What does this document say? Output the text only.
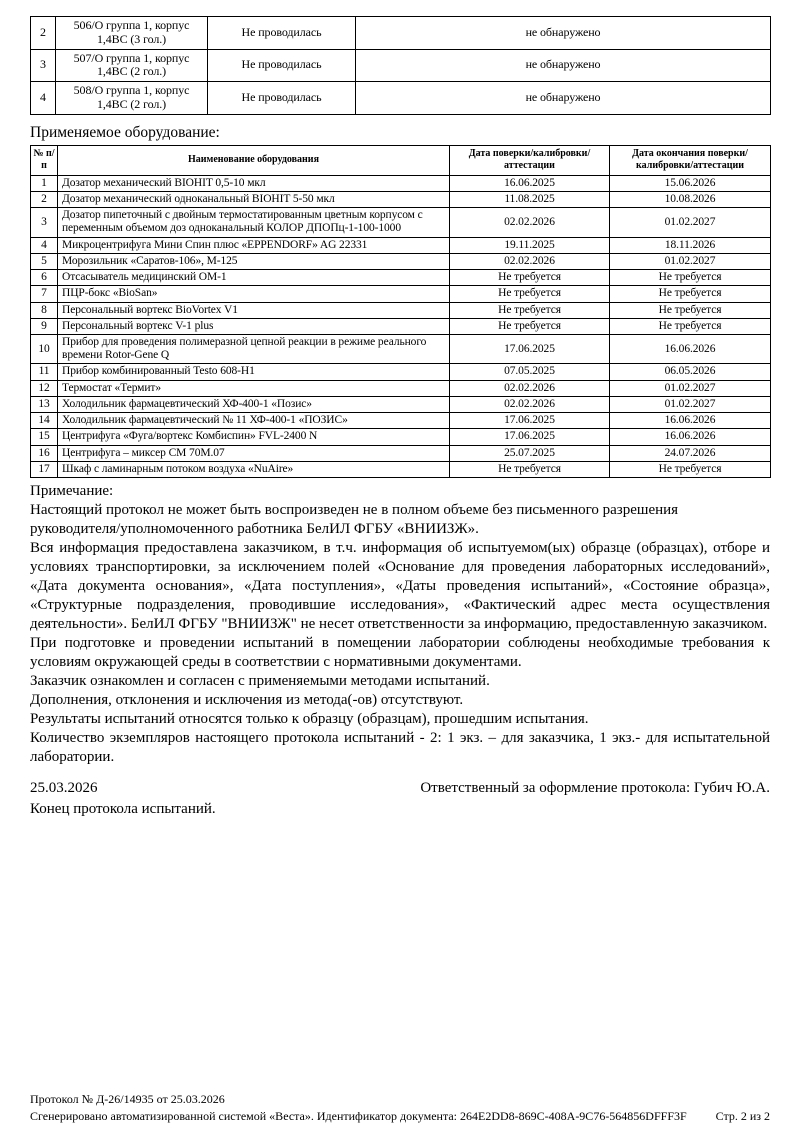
2	506/О группа 1, корпус 1,4ВС (3 гол.)	Не проводилась	не обнаружено
3	507/О группа 1, корпус 1,4ВС (2 гол.)	Не проводилась	не обнаружено
4	508/О группа 1, корпус 1,4ВС (2 гол.)	Не проводилась	не обнаружено

Применяемое оборудование:

№ п/п	Наименование оборудования	Дата поверки/калибровки/аттестации	Дата окончания поверки/калибровки/аттестации
1	Дозатор механический BIOHIT 0,5-10 мкл	16.06.2025	15.06.2026
2	Дозатор механический одноканальный BIOHIT 5-50 мкл	11.08.2025	10.08.2026
3	Дозатор пипеточный с двойным термостатированным цветным корпусом с переменным объемом доз одноканальный КОЛОР ДПОПц-1-100-1000	02.02.2026	01.02.2027
4	Микроцентрифуга Мини Спин плюс «EPPENDORF» AG 22331	19.11.2025	18.11.2026
5	Морозильник «Саратов-106», М-125	02.02.2026	01.02.2027
6	Отсасыватель медицинский ОМ-1	Не требуется	Не требуется
7	ПЦР-бокс «BioSan»	Не требуется	Не требуется
8	Персональный вортекс BioVortex V1	Не требуется	Не требуется
9	Персональный вортекс V-1 plus	Не требуется	Не требуется
10	Прибор для проведения полимеразной цепной реакции в режиме реального времени Rotor-Gene Q	17.06.2025	16.06.2026
11	Прибор комбинированный Testo 608-Н1	07.05.2025	06.05.2026
12	Термостат «Термит»	02.02.2026	01.02.2027
13	Холодильник фармацевтический ХФ-400-1 «Позис»	02.02.2026	01.02.2027
14	Холодильник фармацевтический № 11 ХФ-400-1 «ПОЗИС»	17.06.2025	16.06.2026
15	Центрифуга «Фуга/вортекс Комбиспин» FVL-2400 N	17.06.2025	16.06.2026
16	Центрифуга – миксер СМ 70М.07	25.07.2025	24.07.2026
17	Шкаф с ламинарным потоком воздуха «NuAire»	Не требуется	Не требуется

Примечание:

Настоящий протокол не может быть воспроизведен не в полном объеме без письменного разрешения руководителя/уполномоченного работника БелИЛ ФГБУ «ВНИИЗЖ».

Вся информация предоставлена заказчиком, в т.ч. информация об испытуемом(ых) образце (образцах), отборе и условиях транспортировки, за исключением полей «Основание для проведения лабораторных исследований», «Дата документа основания», «Дата поступления», «Даты проведения испытаний», «Состояние образца», «Структурные подразделения, проводившие исследования», «Фактический адрес места осуществления деятельности». БелИЛ ФГБУ "ВНИИЗЖ" не несет ответственности за информацию, предоставленную заказчиком.

При подготовке и проведении испытаний в помещении лаборатории соблюдены необходимые требования к условиям окружающей среды в соответствии с нормативными документами.

Заказчик ознакомлен и согласен с применяемыми методами испытаний.

Дополнения, отклонения и исключения из метода(-ов) отсутствуют.

Результаты испытаний относятся только к образцу (образцам), прошедшим испытания.

Количество экземпляров настоящего протокола испытаний - 2: 1 экз. – для заказчика, 1 экз.- для испытательной лаборатории.

25.03.2026	Ответственный за оформление протокола: Губич Ю.А.
Конец протокола испытаний.
Протокол № Д-26/14935 от 25.03.2026
Сгенерировано автоматизированной системой «Веста». Идентификатор документа: 264E2DD8-869C-408A-9C76-564856DFFF3F Стр. 2 из 2
